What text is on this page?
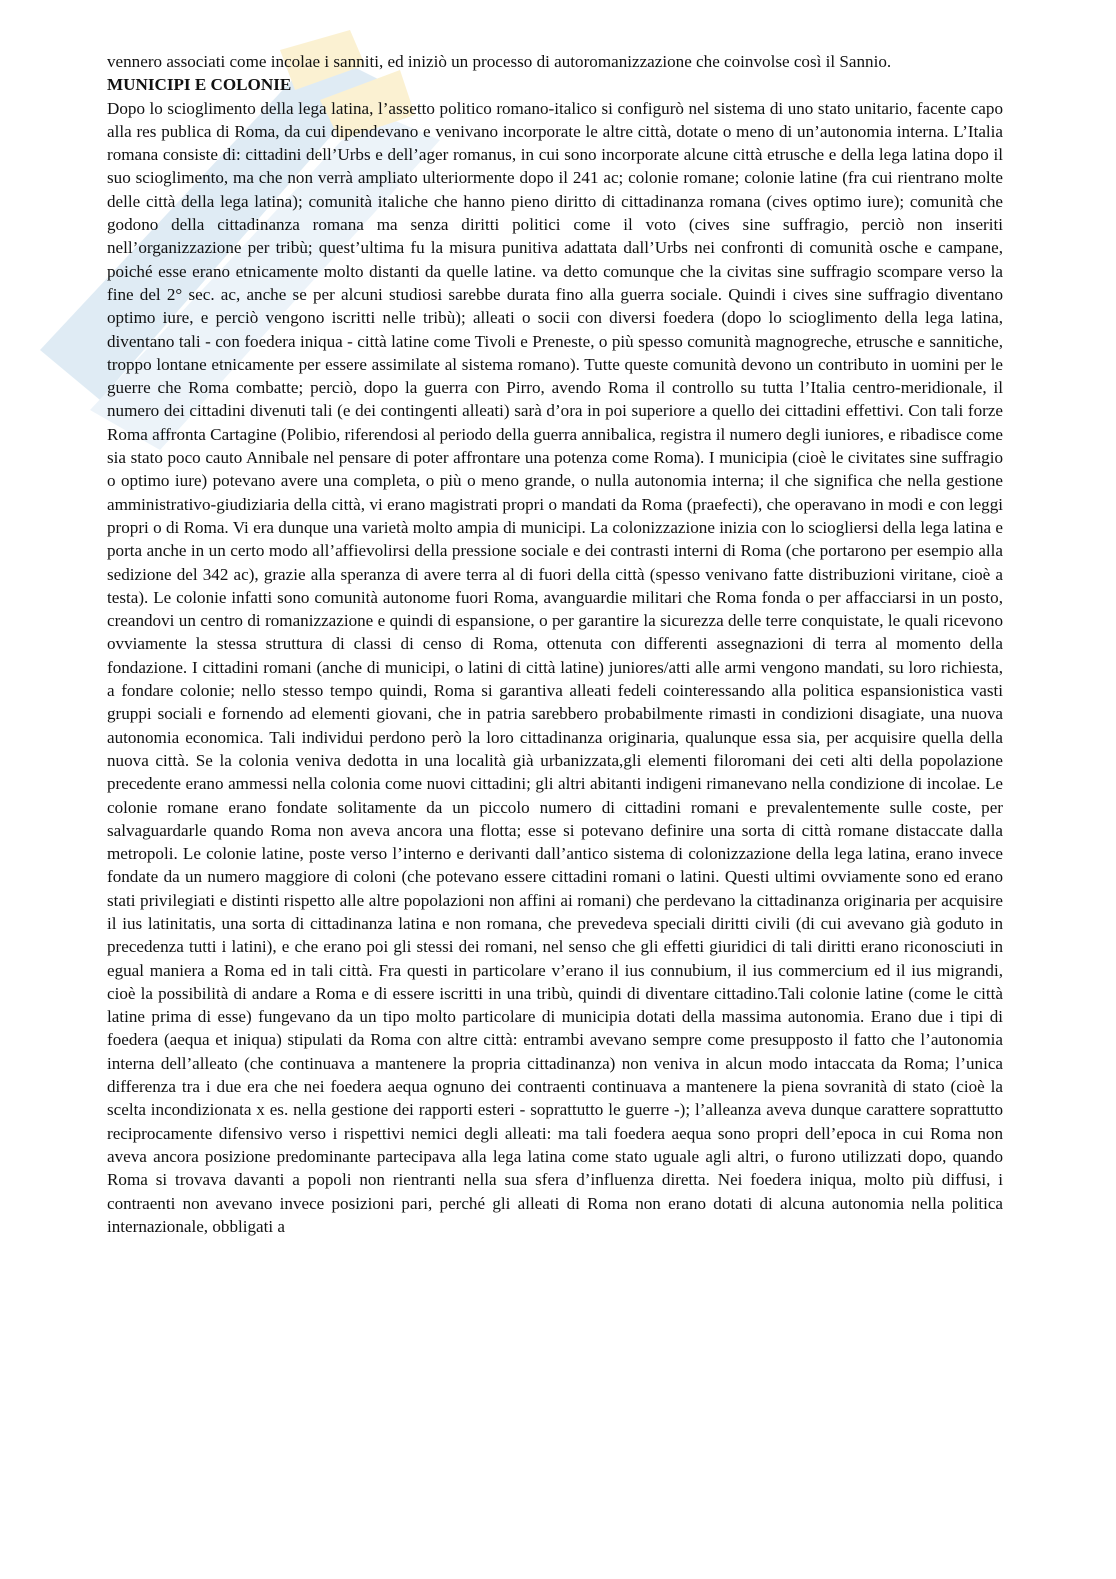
vennero associati come incolae i sanniti, ed iniziò un processo di autoromanizzazione che coinvolse così il Sannio.

MUNICIPI E COLONIE

Dopo lo scioglimento della lega latina, l’assetto politico romano-italico si configurò nel sistema di uno stato unitario, facente capo alla res publica di Roma, da cui dipendevano e venivano incorporate le altre città, dotate o meno di un’autonomia interna. L’Italia romana consiste di: cittadini dell’Urbs e dell’ager romanus, in cui sono incorporate alcune città etrusche e della lega latina dopo il suo scioglimento, ma che non verrà ampliato ulteriormente dopo il 241 ac; colonie romane; colonie latine (fra cui rientrano molte delle città della lega latina); comunità italiche che hanno pieno diritto di cittadinanza romana (cives optimo iure); comunità che godono della cittadinanza romana ma senza diritti politici come il voto (cives sine suffragio, perciò non inseriti nell’organizzazione per tribù; quest’ultima fu la misura punitiva adattata dall’Urbs nei confronti di comunità osche e campane, poiché esse erano etnicamente molto distanti da quelle latine. va detto comunque che la civitas sine suffragio scompare verso la fine del 2° sec. ac, anche se per alcuni studiosi sarebbe durata fino alla guerra sociale. Quindi i cives sine suffragio diventano optimo iure, e perciò vengono iscritti nelle tribù); alleati o socii con diversi foedera (dopo lo scioglimento della lega latina, diventano tali - con foedera iniqua - città latine come Tivoli e Preneste, o più spesso comunità magnogreche, etrusche e sannitiche, troppo lontane etnicamente per essere assimilate al sistema romano). Tutte queste comunità devono un contributo in uomini per le guerre che Roma combatte; perciò, dopo la guerra con Pirro, avendo Roma il controllo su tutta l’Italia centro-meridionale, il numero dei cittadini divenuti tali (e dei contingenti alleati) sarà d’ora in poi superiore a quello dei cittadini effettivi. Con tali forze Roma affronta Cartagine (Polibio, riferendosi al periodo della guerra annibalica, registra il numero degli iuniores, e ribadisce come sia stato poco cauto Annibale nel pensare di poter affrontare una potenza come Roma). I municipia (cioè le civitates sine suffragio o optimo iure) potevano avere una completa, o più o meno grande, o nulla autonomia interna; il che significa che nella gestione amministrativo-giudiziaria della città, vi erano magistrati propri o mandati da Roma (praefecti), che operavano in modi e con leggi propri o di Roma. Vi era dunque una varietà molto ampia di municipi. La colonizzazione inizia con lo sciogliersi della lega latina e porta anche in un certo modo all’affievolirsi della pressione sociale e dei contrasti interni di Roma (che portarono per esempio alla sedizione del 342 ac), grazie alla speranza di avere terra al di fuori della città (spesso venivano fatte distribuzioni viritane, cioè a testa). Le colonie infatti sono comunità autonome fuori Roma, avanguardie militari che Roma fonda o per affacciarsi in un posto, creandovi un centro di romanizzazione e quindi di espansione, o per garantire la sicurezza delle terre conquistate, le quali ricevono ovviamente la stessa struttura di classi di censo di Roma, ottenuta con differenti assegnazioni di terra al momento della fondazione. I cittadini romani (anche di municipi, o latini di città latine) juniores/atti alle armi vengono mandati, su loro richiesta, a fondare colonie; nello stesso tempo quindi, Roma si garantiva alleati fedeli cointeressando alla politica espansionistica vasti gruppi sociali e fornendo ad elementi giovani, che in patria sarebbero probabilmente rimasti in condizioni disagiate, una nuova autonomia economica. Tali individui perdono però la loro cittadinanza originaria, qualunque essa sia, per acquisire quella della nuova città. Se la colonia veniva dedotta in una località già urbanizzata,gli elementi filoromani dei ceti alti della popolazione precedente erano ammessi nella colonia come nuovi cittadini; gli altri abitanti indigeni rimanevano nella condizione di incolae. Le colonie romane erano fondate solitamente da un piccolo numero di cittadini romani e prevalentemente sulle coste, per salvaguardarle quando Roma non aveva ancora una flotta; esse si potevano definire una sorta di città romane distaccate dalla metropoli. Le colonie latine, poste verso l’interno e derivanti dall’antico sistema di colonizzazione della lega latina, erano invece fondate da un numero maggiore di coloni (che potevano essere cittadini romani o latini. Questi ultimi ovviamente sono ed erano stati privilegiati e distinti rispetto alle altre popolazioni non affini ai romani) che perdevano la cittadinanza originaria per acquisire il ius latinitatis, una sorta di cittadinanza latina e non romana, che prevedeva speciali diritti civili (di cui avevano già goduto in precedenza tutti i latini), e che erano poi gli stessi dei romani, nel senso che gli effetti giuridici di tali diritti erano riconosciuti in egual maniera a Roma ed in tali città. Fra questi in particolare v’erano il ius connubium, il ius commercium ed il ius migrandi, cioè la possibilità di andare a Roma e di essere iscritti in una tribù, quindi di diventare cittadino.Tali colonie latine (come le città latine prima di esse) fungevano da un tipo molto particolare di municipia dotati della massima autonomia. Erano due i tipi di foedera (aequa et iniqua) stipulati da Roma con altre città: entrambi avevano sempre come presupposto il fatto che l’autonomia interna dell’alleato (che continuava a mantenere la propria cittadinanza) non veniva in alcun modo intaccata da Roma; l’unica differenza tra i due era che nei foedera aequa ognuno dei contraenti continuava a mantenere la piena sovranità di stato (cioè la scelta incondizionata x es. nella gestione dei rapporti esteri - soprattutto le guerre -); l’alleanza aveva dunque carattere soprattutto reciprocamente difensivo verso i rispettivi nemici degli alleati: ma tali foedera aequa sono propri dell’epoca in cui Roma non aveva ancora posizione predominante partecipava alla lega latina come stato uguale agli altri, o furono utilizzati dopo, quando Roma si trovava davanti a popoli non rientranti nella sua sfera d’influenza diretta. Nei foedera iniqua, molto più diffusi, i contraenti non avevano invece posizioni pari, perché gli alleati di Roma non erano dotati di alcuna autonomia nella politica internazionale, obbligati a
